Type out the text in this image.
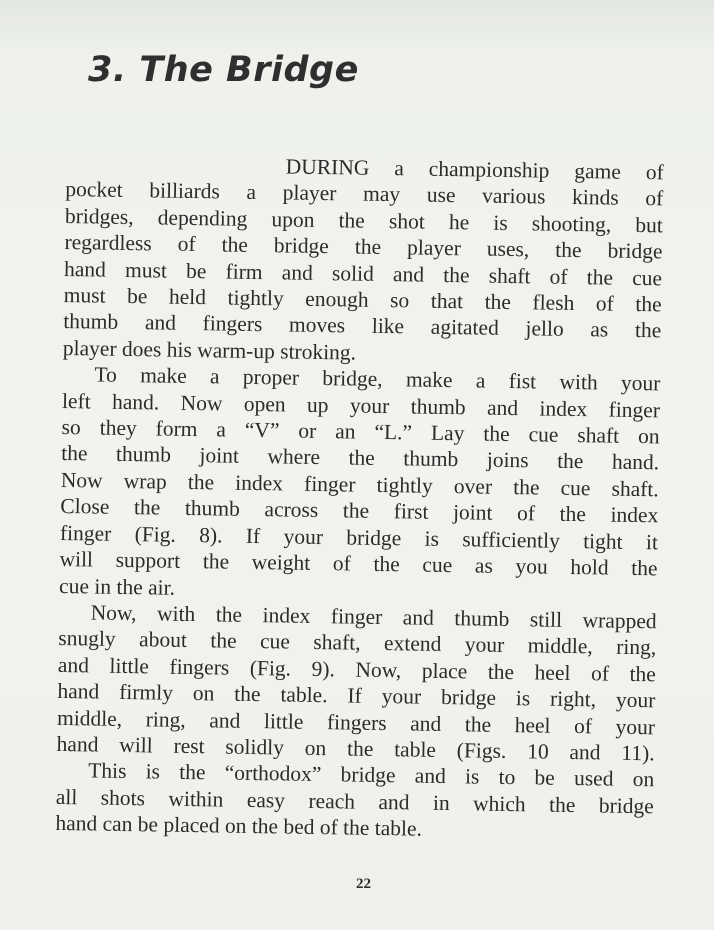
3. The Bridge
DURING a championship game of
pocket billiards a player may use various kinds of
bridges, depending upon the shot he is shooting, but
regardless of the bridge the player uses, the bridge
hand must be firm and solid and the shaft of the cue
must be held tightly enough so that the flesh of the
thumb and fingers moves like agitated jello as the
player does his warm-up stroking.
To make a proper bridge, make a fist with your
left hand. Now open up your thumb and index finger
so they form a “V” or an “L.” Lay the cue shaft on
the thumb joint where the thumb joins the hand.
Now wrap the index finger tightly over the cue shaft.
Close the thumb across the first joint of the index
finger (Fig. 8). If your bridge is sufficiently tight it
will support the weight of the cue as you hold the
cue in the air.
Now, with the index finger and thumb still wrapped
snugly about the cue shaft, extend your middle, ring,
and little fingers (Fig. 9). Now, place the heel of the
hand firmly on the table. If your bridge is right, your
middle, ring, and little fingers and the heel of your
hand will rest solidly on the table (Figs. 10 and 11).
This is the “orthodox” bridge and is to be used on
all shots within easy reach and in which the bridge
hand can be placed on the bed of the table.
22
